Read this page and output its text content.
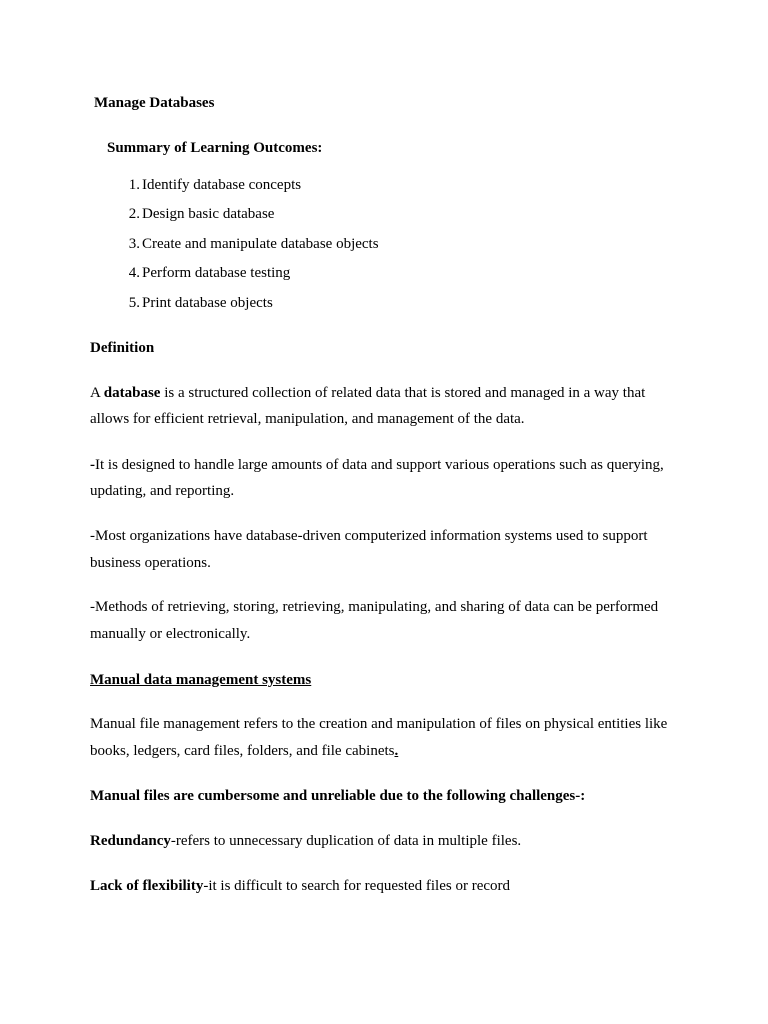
Manage Databases
Summary of Learning Outcomes:
1. Identify database concepts
2. Design basic database
3. Create and manipulate database objects
4. Perform database testing
5. Print database objects
Definition
A database is a structured collection of related data that is stored and managed in a way that
allows for efficient retrieval, manipulation, and management of the data.
-It is designed to handle large amounts of data and support various operations such as querying,
updating, and reporting.
-Most organizations have database-driven computerized information systems used to support
business operations.
-Methods of retrieving, storing, retrieving, manipulating, and sharing of data can be performed
manually or electronically.
Manual data management systems
Manual file management refers to the creation and manipulation of files on physical entities like
books, ledgers, card files, folders, and file cabinets.
Manual files are cumbersome and unreliable due to the following challenges-:
Redundancy-refers to unnecessary duplication of data in multiple files.
Lack of flexibility-it is difficult to search for requested files or record
